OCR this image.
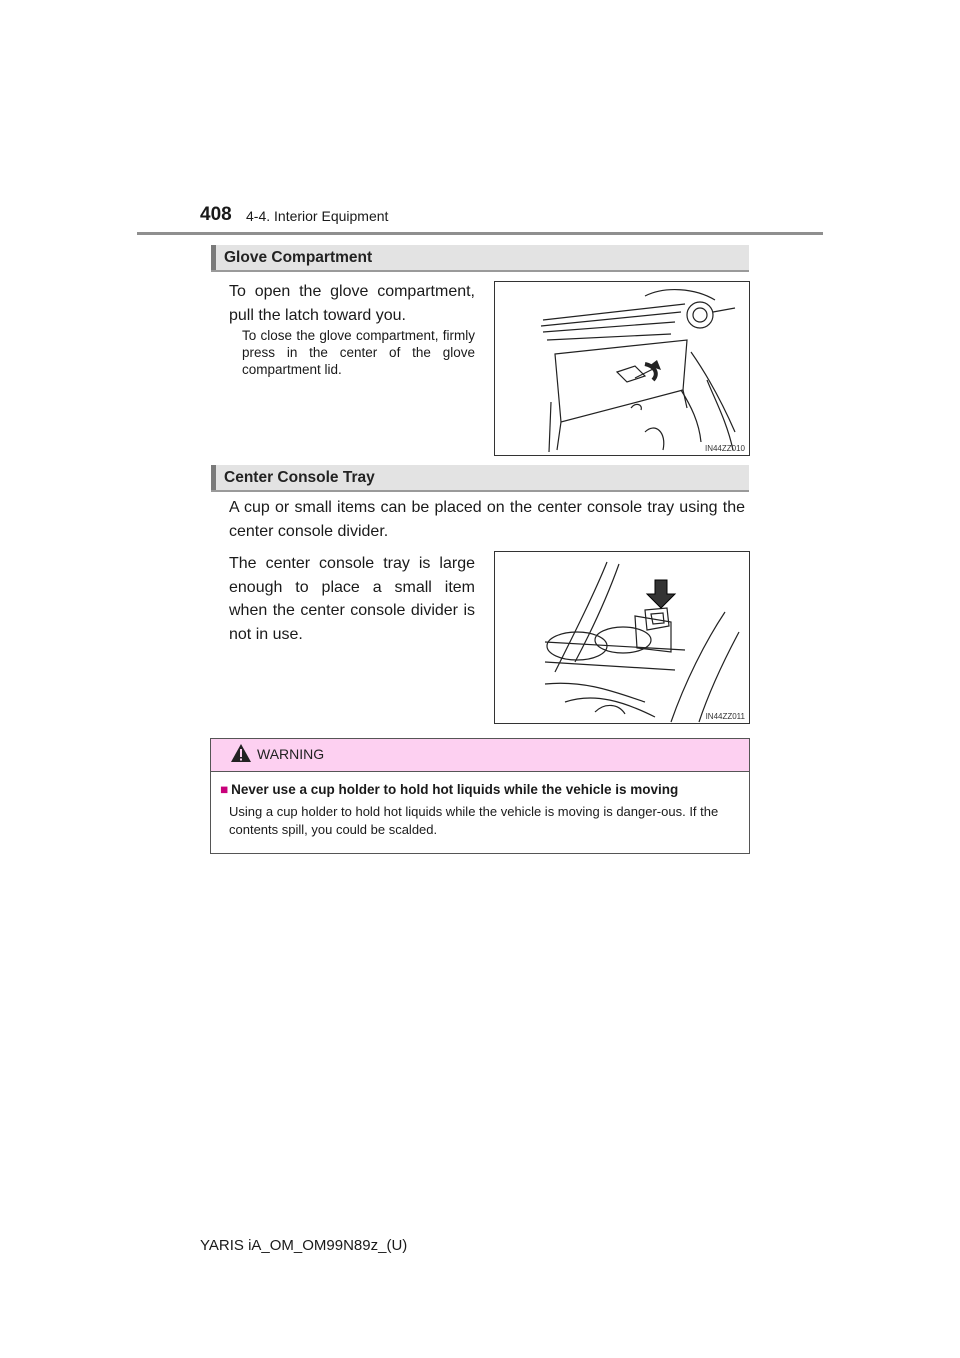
408 4-4. Interior Equipment
Glove Compartment
To open the glove compartment, pull the latch toward you.
To close the glove compartment, firmly press in the center of the glove compartment lid.
IN44ZZ010
Center Console Tray
A cup or small items can be placed on the center console tray using the center console divider.
The center console tray is large enough to place a small item when the center console divider is not in use.
IN44ZZ011
WARNING
■ Never use a cup holder to hold hot liquids while the vehicle is moving
Using a cup holder to hold hot liquids while the vehicle is moving is danger-ous. If the contents spill, you could be scalded.
YARIS iA_OM_OM99N89z_(U)
